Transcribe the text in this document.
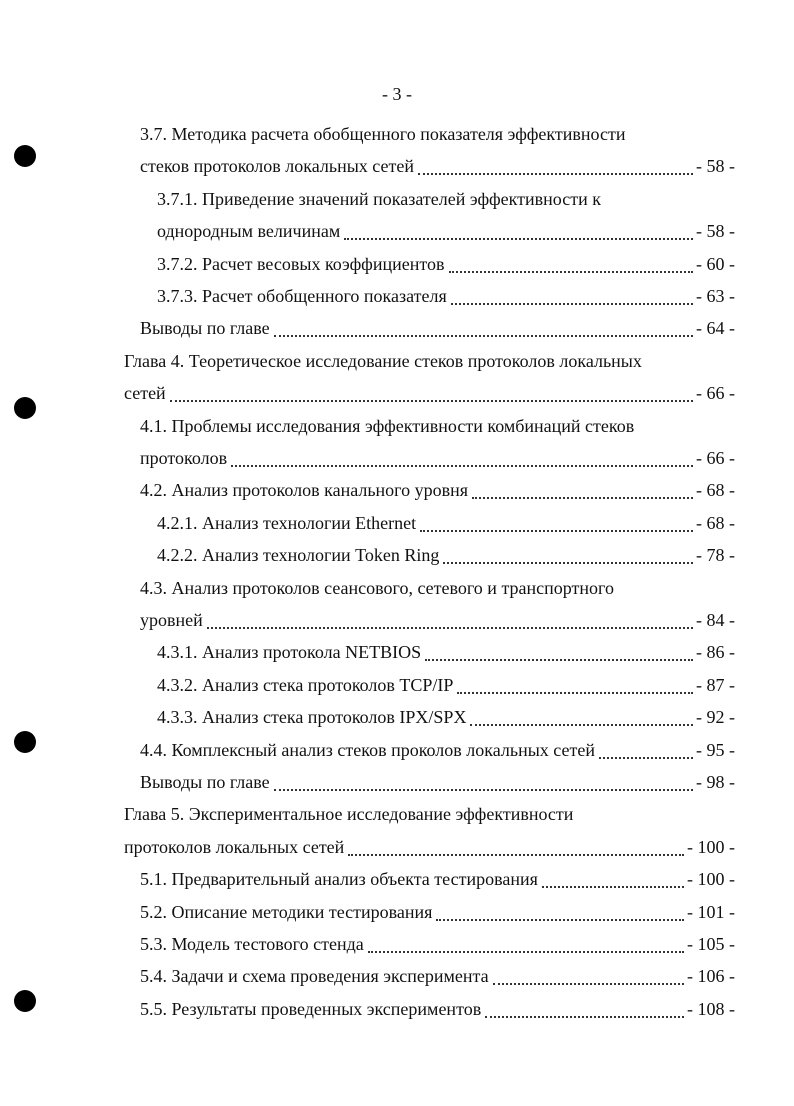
- 3 -
3.7. Методика расчета обобщенного показателя эффективности
стеков протоколов локальных сетей	- 58 -
3.7.1. Приведение значений показателей эффективности к
однородным величинам	- 58 -
3.7.2. Расчет весовых коэффициентов	- 60 -
3.7.3. Расчет обобщенного показателя	- 63 -
Выводы по главе	- 64 -
Глава 4. Теоретическое исследование стеков протоколов локальных
сетей	- 66 -
4.1. Проблемы исследования эффективности комбинаций стеков
протоколов	- 66 -
4.2. Анализ протоколов канального уровня	- 68 -
4.2.1. Анализ технологии Ethernet	- 68 -
4.2.2. Анализ технологии Token Ring	- 78 -
4.3. Анализ протоколов сеансового, сетевого и транспортного
уровней	- 84 -
4.3.1. Анализ протокола NETBIOS	- 86 -
4.3.2. Анализ стека протоколов TCP/IP	- 87 -
4.3.3. Анализ стека протоколов IPX/SPX	- 92 -
4.4. Комплексный анализ стеков проколов локальных сетей	- 95 -
Выводы по главе	- 98 -
Глава 5. Экспериментальное исследование эффективности
протоколов локальных сетей	- 100 -
5.1. Предварительный анализ объекта тестирования	- 100 -
5.2. Описание методики тестирования	- 101 -
5.3. Модель тестового стенда	- 105 -
5.4. Задачи и схема проведения эксперимента	- 106 -
5.5. Результаты проведенных экспериментов	- 108 -
